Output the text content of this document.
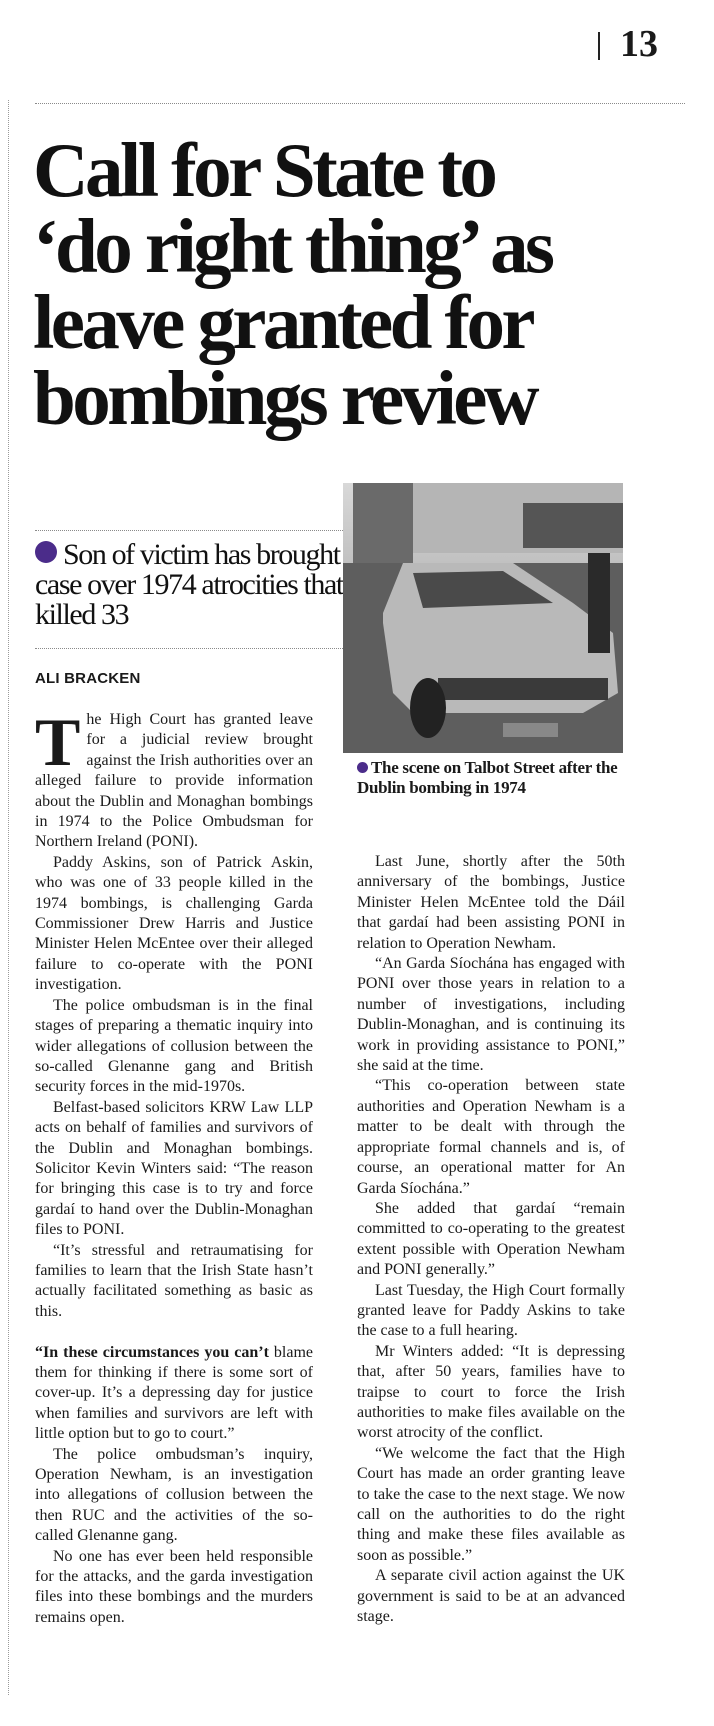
13
Call for State to
‘do right thing’ as
leave granted for
bombings review
Son of victim has brought case over 1974 atrocities that killed 33
ALI BRACKEN
The scene on Talbot Street after the Dublin bombing in 1974

The High Court has granted leave for a judicial review brought against the Irish authorities over an alleged failure to provide information about the Dublin and Monaghan bombings in 1974 to the Police Ombudsman for Northern Ireland (PONI).

Paddy Askins, son of Patrick Askin, who was one of 33 people killed in the 1974 bombings, is challenging Garda Commissioner Drew Harris and Justice Minister Helen McEntee over their alleged failure to co-operate with the PONI investigation.

The police ombudsman is in the final stages of preparing a thematic inquiry into wider allegations of collusion between the so-called Glenanne gang and British security forces in the mid-1970s.

Belfast-based solicitors KRW Law LLP acts on behalf of families and survivors of the Dublin and Monaghan bombings. Solicitor Kevin Winters said: “The reason for bringing this case is to try and force gardaí to hand over the Dublin-Monaghan files to PONI.

“It’s stressful and retraumatising for families to learn that the Irish State hasn’t actually facilitated something as basic as this.

“In these circumstances you can’t blame them for thinking if there is some sort of cover-up. It’s a depressing day for justice when families and survivors are left with little option but to go to court.”

The police ombudsman’s inquiry, Operation Newham, is an investigation into allegations of collusion between the then RUC and the activities of the so-called Glenanne gang.

No one has ever been held responsible for the attacks, and the garda investigation files into these bombings and the murders remains open.

Last June, shortly after the 50th anniversary of the bombings, Justice Minister Helen McEntee told the Dáil that gardaí had been assisting PONI in relation to Operation Newham.

“An Garda Síochána has engaged with PONI over those years in relation to a number of investigations, including Dublin-Monaghan, and is continuing its work in providing assistance to PONI,” she said at the time.

“This co-operation between state authorities and Operation Newham is a matter to be dealt with through the appropriate formal channels and is, of course, an operational matter for An Garda Síochána.”

She added that gardaí “remain committed to co-operating to the greatest extent possible with Operation Newham and PONI generally.”

Last Tuesday, the High Court formally granted leave for Paddy Askins to take the case to a full hearing.

Mr Winters added: “It is depressing that, after 50 years, families have to traipse to court to force the Irish authorities to make files available on the worst atrocity of the conflict.

“We welcome the fact that the High Court has made an order granting leave to take the case to the next stage. We now call on the authorities to do the right thing and make these files available as soon as possible.”

A separate civil action against the UK government is said to be at an advanced stage.
